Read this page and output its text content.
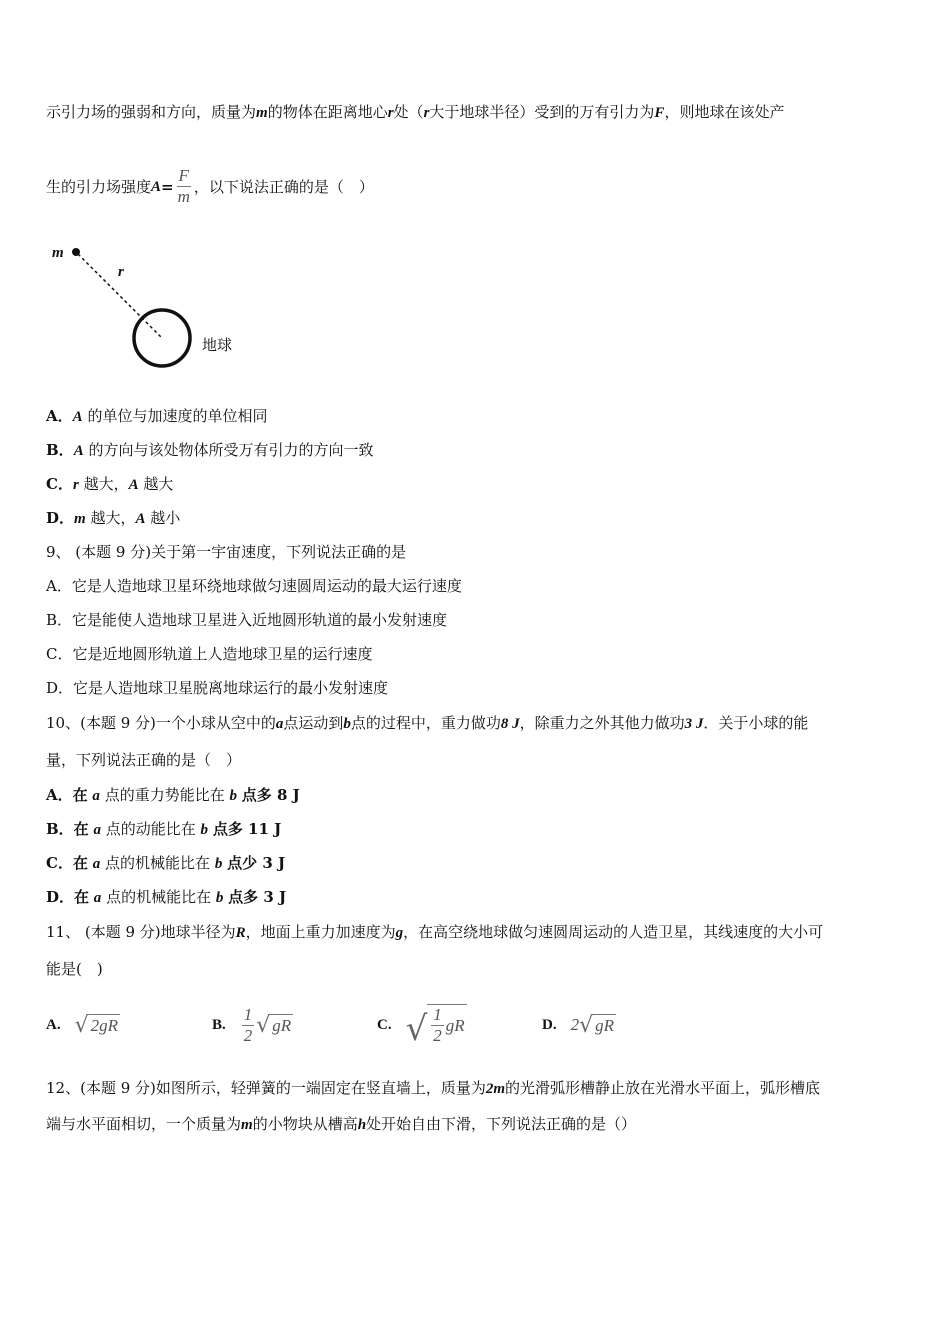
示引力场的强弱和方向，质量为m的物体在距离地心r处（r大于地球半径）受到的万有引力为F，则地球在该处产
生的引力场强度 $A = \frac{F}{m}$ ，以下说法正确的是（　）
m
r
地球
A．A 的单位与加速度的单位相同
B．A 的方向与该处物体所受万有引力的方向一致
C．r 越大，A 越大
D．m 越大，A 越小
9、 (本题 9 分)关于第一宇宙速度，下列说法正确的是
A．它是人造地球卫星环绕地球做匀速圆周运动的最大运行速度
B．它是能使人造地球卫星进入近地圆形轨道的最小发射速度
C．它是近地圆形轨道上人造地球卫星的运行速度
D．它是人造地球卫星脱离地球运行的最小发射速度
10、(本题 9 分)一个小球从空中的a点运动到b点的过程中，重力做功8 J，除重力之外其他力做功3 J．关于小球的能
量，下列说法正确的是（　）
A．在 a 点的重力势能比在 b 点多 8 J
B．在 a 点的动能比在 b 点多 11 J
C．在 a 点的机械能比在 b 点少 3 J
D．在 a 点的机械能比在 b 点多 3 J
11、 (本题 9 分)地球半径为R，地面上重力加速度为g，在高空绕地球做匀速圆周运动的人造卫星，其线速度的大小可
能是(　)
A. √ 2gR	B. $\frac{1}{2}$ √ gR	C. √ $\frac{1}{2}$ gR	D. 2 √ gR
12、(本题 9 分)如图所示，轻弹簧的一端固定在竖直墙上，质量为2m的光滑弧形槽静止放在光滑水平面上，弧形槽底
端与水平面相切，一个质量为m的小物块从槽高h处开始自由下滑，下列说法正确的是（）
